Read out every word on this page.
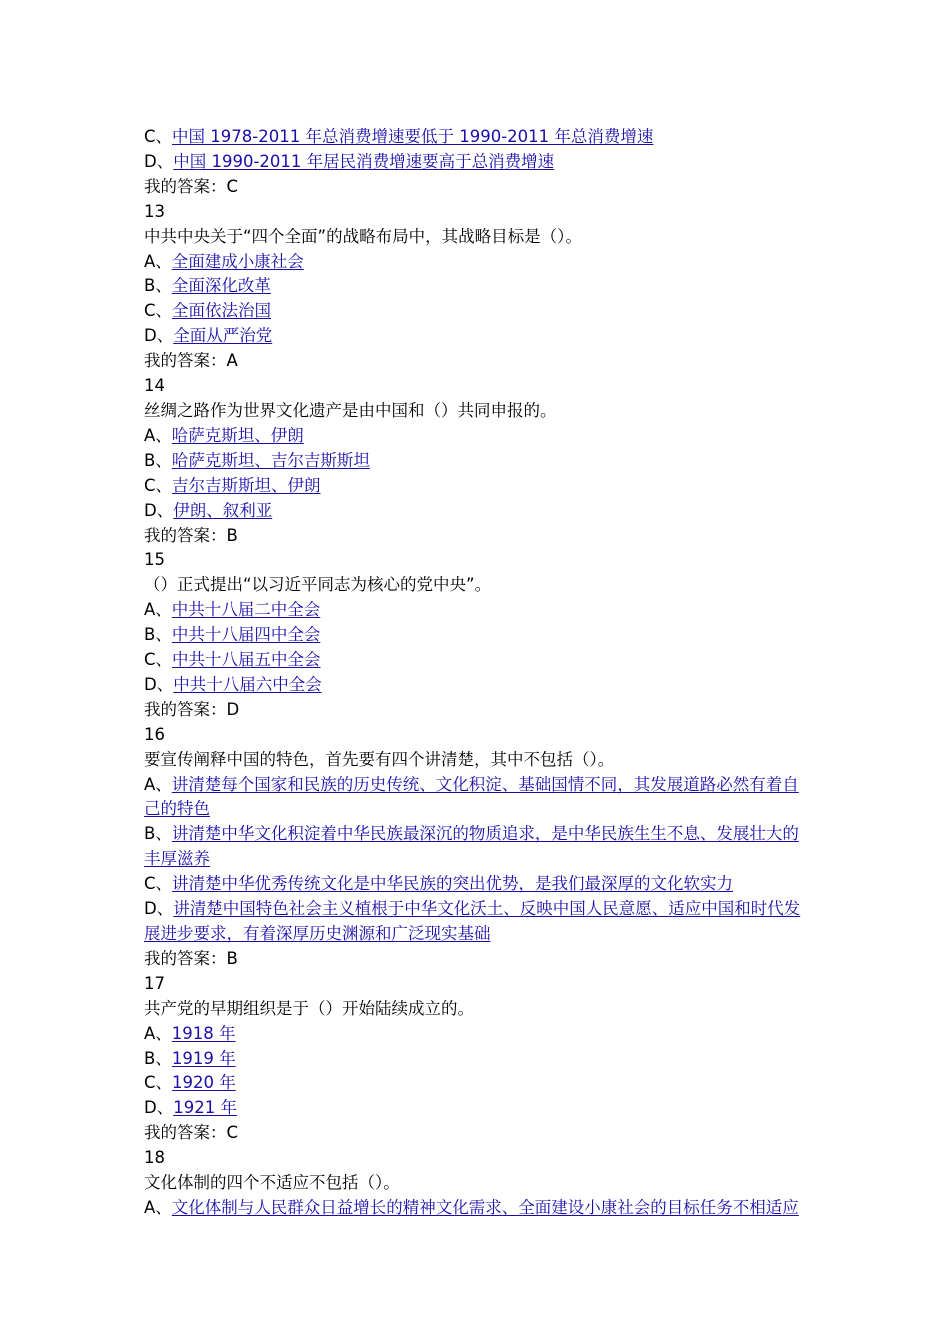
C、 中国 1978-2011 年总消费增速要低于 1990-2011 年总消费增速
D、 中国 1990-2011 年居民消费增速要高于总消费增速
我的答案：C
13
中共中央关于“四个全面”的战略布局中，其战略目标是（）。
A、 全面建成小康社会
B、 全面深化改革
C、 全面依法治国
D、 全面从严治党
我的答案：A
14
丝绸之路作为世界文化遗产是由中国和（）共同申报的。
A、 哈萨克斯坦、伊朗
B、 哈萨克斯坦、吉尔吉斯斯坦
C、 吉尔吉斯斯坦、伊朗
D、 伊朗、叙利亚
我的答案：B
15
（）正式提出“以习近平同志为核心的党中央”。
A、 中共十八届二中全会
B、 中共十八届四中全会
C、 中共十八届五中全会
D、 中共十八届六中全会
我的答案：D
16
要宣传阐释中国的特色，首先要有四个讲清楚，其中不包括（）。
A、讲清楚每个国家和民族的历史传统、文化积淀、基础国情不同，其发展道路必然有着自己的特色
B、讲清楚中华文化积淀着中华民族最深沉的物质追求，是中华民族生生不息、发展壮大的丰厚滋养
C、 讲清楚中华优秀传统文化是中华民族的突出优势，是我们最深厚的文化软实力
D、讲清楚中国特色社会主义植根于中华文化沃土、反映中国人民意愿、适应中国和时代发展进步要求，有着深厚历史渊源和广泛现实基础
我的答案：B
17
共产党的早期组织是于（）开始陆续成立的。
A、 1918 年
B、 1919 年
C、 1920 年
D、 1921 年
我的答案：C
18
文化体制的四个不适应不包括（）。
A、 文化体制与人民群众日益增长的精神文化需求、全面建设小康社会的目标任务不相适应
